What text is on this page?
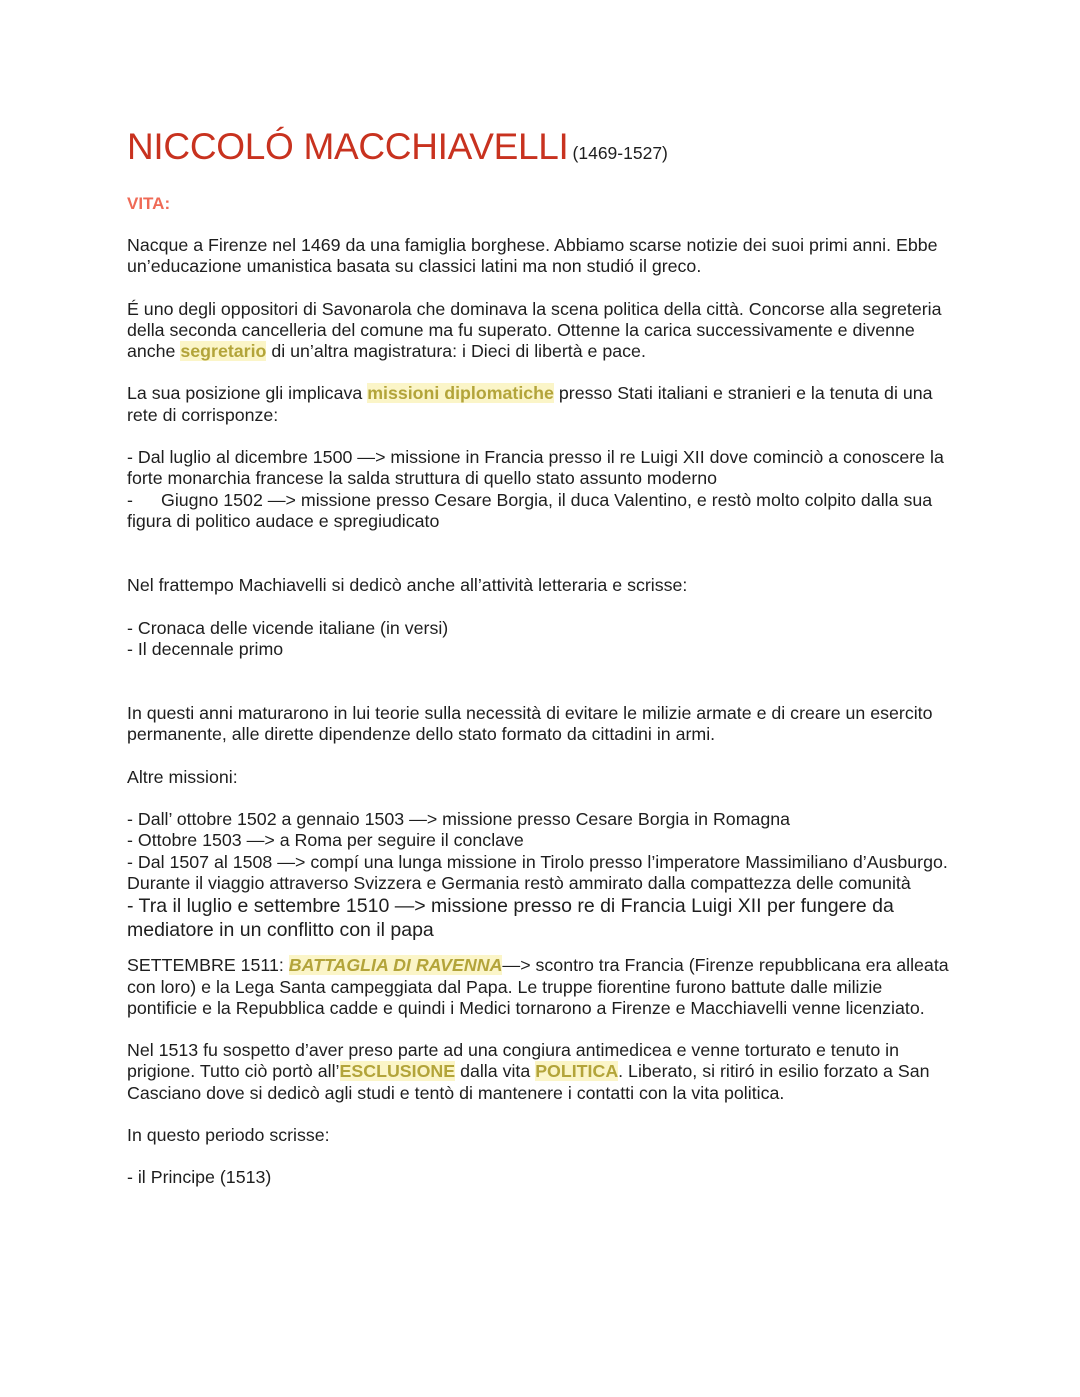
NICCOLÓ MACCHIAVELLI (1469-1527)
VITA:

Nacque a Firenze nel 1469 da una famiglia borghese. Abbiamo scarse notizie dei suoi primi anni. Ebbe un’educazione umanistica basata su classici latini ma non studió il greco.

É uno degli oppositori di Savonarola che dominava la scena politica della città. Concorse alla segreteria della seconda cancelleria del comune ma fu superato. Ottenne la carica successivamente e divenne anche segretario di un’altra magistratura: i Dieci di libertà e pace.

La sua posizione gli implicava missioni diplomatiche presso Stati italiani e stranieri e la tenuta di una rete di corrisponze:

- Dal luglio al dicembre 1500 —> missione in Francia presso il re Luigi XII dove cominciò a conoscere la forte monarchia francese la salda struttura di quello stato assunto moderno
- Giugno 1502 —> missione presso Cesare Borgia, il duca Valentino, e restò molto colpito dalla sua figura di politico audace e spregiudicato

Nel frattempo Machiavelli si dedicò anche all’attività letteraria e scrisse:

- Cronaca delle vicende italiane (in versi)
- Il decennale primo

In questi anni maturarono in lui teorie sulla necessità di evitare le milizie armate e di creare un esercito permanente, alle dirette dipendenze dello stato formato da cittadini in armi.

Altre missioni:

- Dall’ ottobre 1502 a gennaio 1503 —> missione presso Cesare Borgia in Romagna
- Ottobre 1503 —> a Roma per seguire il conclave
- Dal 1507 al 1508 —> compí una lunga missione in Tirolo presso l’imperatore Massimiliano d’Ausburgo. Durante il viaggio attraverso Svizzera e Germania restò ammirato dalla compattezza delle comunità

- Tra il luglio e settembre 1510 —> missione presso re di Francia Luigi XII per fungere da mediatore in un conflitto con il papa

SETTEMBRE 1511: BATTAGLIA DI RAVENNA—> scontro tra Francia (Firenze repubblicana era alleata con loro) e la Lega Santa campeggiata dal Papa. Le truppe fiorentine furono battute dalle milizie pontificie e la Repubblica cadde e quindi i Medici tornarono a Firenze e Macchiavelli venne licenziato.

Nel 1513 fu sospetto d’aver preso parte ad una congiura antimedicea e venne torturato e tenuto in prigione. Tutto ciò portò all’ESCLUSIONE dalla vita POLITICA. Liberato, si ritiró in esilio forzato a San Casciano dove si dedicò agli studi e tentò di mantenere i contatti con la vita politica.

In questo periodo scrisse:

- il Principe (1513)
